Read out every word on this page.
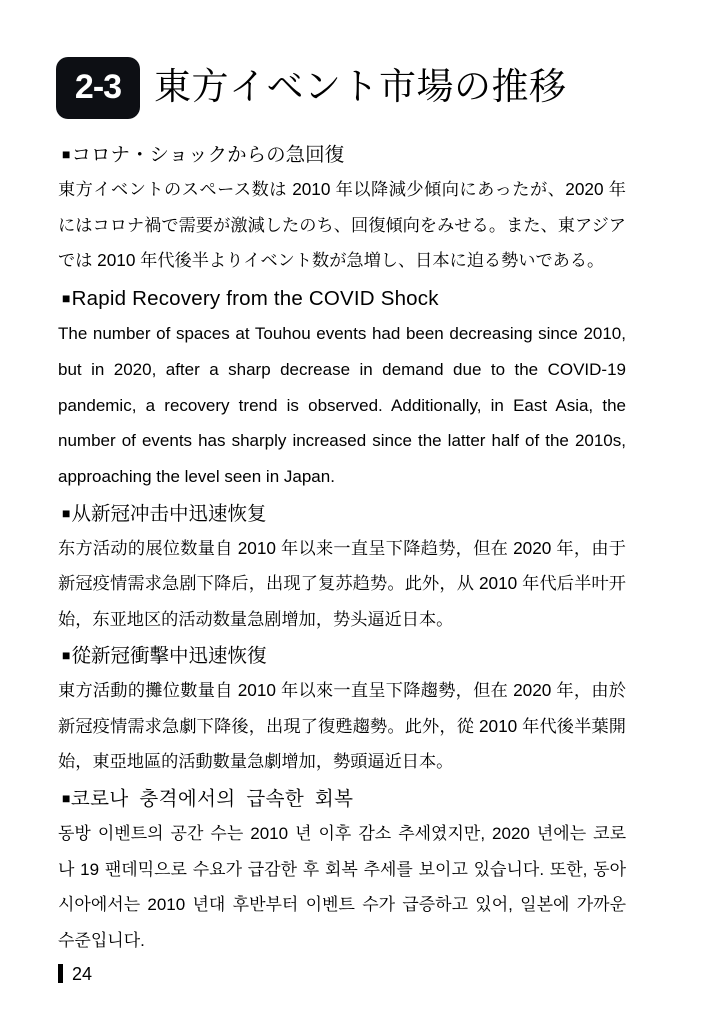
2-3 東方イベント市場の推移
■コロナ・ショックからの急回復

東方イベントのスペース数は 2010 年以降減少傾向にあったが、2020 年にはコロナ禍で需要が激減したのち、回復傾向をみせる。また、東アジアでは 2010 年代後半よりイベント数が急増し、日本に迫る勢いである。

■Rapid Recovery from the COVID Shock

The number of spaces at Touhou events had been decreasing since 2010, but in 2020, after a sharp decrease in demand due to the COVID-19 pandemic, a recovery trend is observed. Additionally, in East Asia, the number of events has sharply increased since the latter half of the 2010s, approaching the level seen in Japan.

■从新冠冲击中迅速恢复

东方活动的展位数量自 2010 年以来一直呈下降趋势，但在 2020 年，由于新冠疫情需求急剧下降后，出现了复苏趋势。此外，从 2010 年代后半叶开始，东亚地区的活动数量急剧增加，势头逼近日本。

■從新冠衝擊中迅速恢復

東方活動的攤位數量自 2010 年以來一直呈下降趨勢，但在 2020 年，由於新冠疫情需求急劇下降後，出現了復甦趨勢。此外，從 2010 年代後半葉開始，東亞地區的活動數量急劇增加，勢頭逼近日本。

■코로나 충격에서의 급속한 회복

동방 이벤트의 공간 수는 2010 년 이후 감소 추세였지만, 2020 년에는 코로나 19 팬데믹으로 수요가 급감한 후 회복 추세를 보이고 있습니다. 또한, 동아시아에서는 2010 년대 후반부터 이벤트 수가 급증하고 있어, 일본에 가까운 수준입니다.

24
